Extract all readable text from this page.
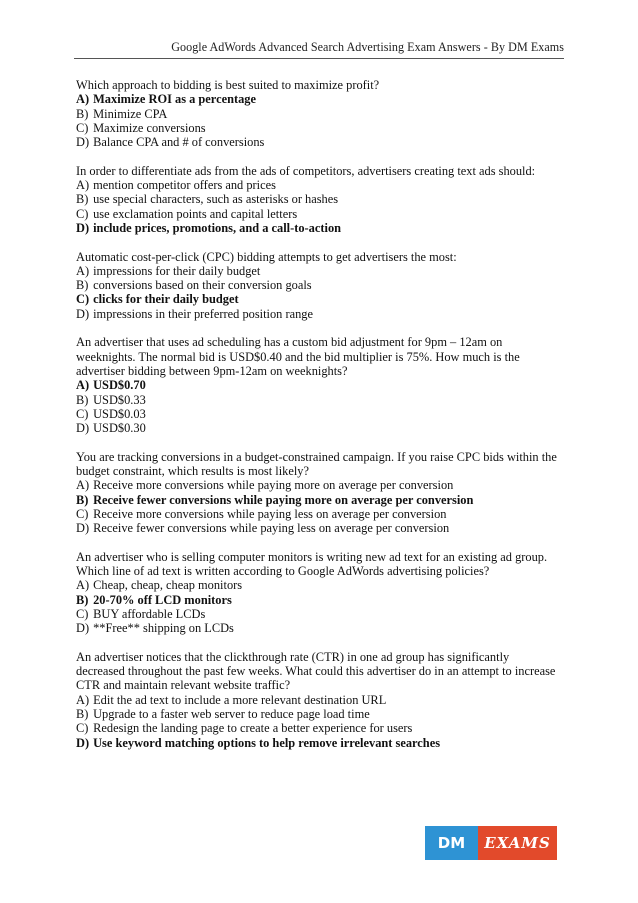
Google AdWords Advanced Search Advertising Exam Answers - By DM Exams

Which approach to bidding is best suited to maximize profit?

A) Maximize ROI as a percentage

B) Minimize CPA

C) Maximize conversions

D) Balance CPA and # of conversions

In order to differentiate ads from the ads of competitors, advertisers creating text ads should:

A) mention competitor offers and prices

B) use special characters, such as asterisks or hashes

C) use exclamation points and capital letters

D) include prices, promotions, and a call-to-action

Automatic cost-per-click (CPC) bidding attempts to get advertisers the most:

A) impressions for their daily budget

B) conversions based on their conversion goals

C) clicks for their daily budget

D) impressions in their preferred position range

An advertiser that uses ad scheduling has a custom bid adjustment for 9pm – 12am on weeknights. The normal bid is USD$0.40 and the bid multiplier is 75%. How much is the advertiser bidding between 9pm-12am on weeknights?

A) USD$0.70

B) USD$0.33

C) USD$0.03

D) USD$0.30

You are tracking conversions in a budget-constrained campaign. If you raise CPC bids within the budget constraint, which results is most likely?

A) Receive more conversions while paying more on average per conversion

B) Receive fewer conversions while paying more on average per conversion

C) Receive more conversions while paying less on average per conversion

D) Receive fewer conversions while paying less on average per conversion

An advertiser who is selling computer monitors is writing new ad text for an existing ad group. Which line of ad text is written according to Google AdWords advertising policies?

A) Cheap, cheap, cheap monitors

B) 20-70% off LCD monitors

C) BUY affordable LCDs

D) **Free** shipping on LCDs

An advertiser notices that the clickthrough rate (CTR) in one ad group has significantly decreased throughout the past few weeks. What could this advertiser do in an attempt to increase CTR and maintain relevant website traffic?

A) Edit the ad text to include a more relevant destination URL

B) Upgrade to a faster web server to reduce page load time

C) Redesign the landing page to create a better experience for users

D) Use keyword matching options to help remove irrelevant searches

DM	EXAMS
